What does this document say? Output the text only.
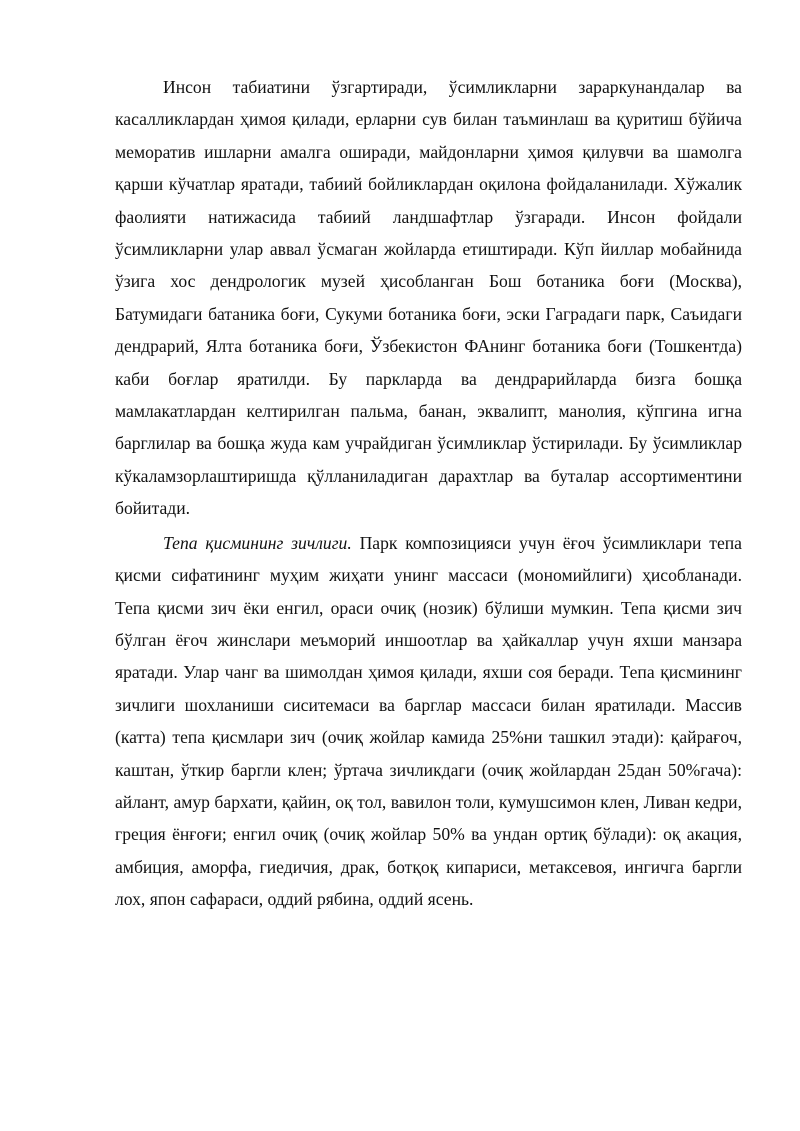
Инсон табиатини ўзгартиради, ўсимликларни зараркунандалар ва касалликлардан ҳимоя қилади, ерларни сув билан таъминлаш ва қуритиш бўйича меморатив ишларни амалга оширади, майдонларни ҳимоя қилувчи ва шамолга қарши кўчатлар яратади, табиий бойликлардан оқилона фойдаланилади. Хўжалик фаолияти натижасида табиий ландшафтлар ўзгаради. Инсон фойдали ўсимликларни улар аввал ўсмаган жойларда етиштиради. Кўп йиллар мобайнида ўзига хос дендрологик музей ҳисобланган Бош ботаника боғи (Москва), Батумидаги батаника боғи, Сукуми ботаника боғи, эски Гаградаги парк, Саъидаги дендрарий, Ялта ботаника боғи, Ўзбекистон ФАнинг ботаника боғи (Тошкентда) каби боғлар яратилди. Бу паркларда ва дендрарийларда бизга бошқа мамлакатлардан келтирилган пальма, банан, эквалипт, манолия, кўпгина игна барглилар ва бошқа жуда кам учрайдиган ўсимликлар ўстирилади. Бу ўсимликлар кўкаламзорлаштиришда қўлланиладиган дарахтлар ва буталар ассортиментини бойитади.

Тепа қисмининг зичлиги. Парк композицияси учун ёғоч ўсимликлари тепа қисми сифатининг муҳим жиҳати унинг массаси (мономийлиги) ҳисобланади. Тепа қисми зич ёки енгил, ораси очиқ (нозик) бўлиши мумкин. Тепа қисми зич бўлган ёғоч жинслари меъморий иншоотлар ва ҳайкаллар учун яхши манзара яратади. Улар чанг ва шимолдан ҳимоя қилади, яхши соя беради. Тепа қисмининг зичлиги шохланиши сиситемаси ва барглар массаси билан яратилади. Массив (катта) тепа қисмлари зич (очиқ жойлар камида 25%ни ташкил этади): қайрағоч, каштан, ўткир баргли клен; ўртача зичликдаги (очиқ жойлардан 25дан 50%гача): айлант, амур бархати, қайин, оқ тол, вавилон толи, кумушсимон клен, Ливан кедри, греция ёнғоғи; енгил очиқ (очиқ жойлар 50% ва ундан ортиқ бўлади): оқ акация, амбиция, аморфа, гиедичия, драк, ботқоқ кипариси, метаксевоя, ингичга баргли лох, япон сафараси, оддий рябина, оддий ясень.
